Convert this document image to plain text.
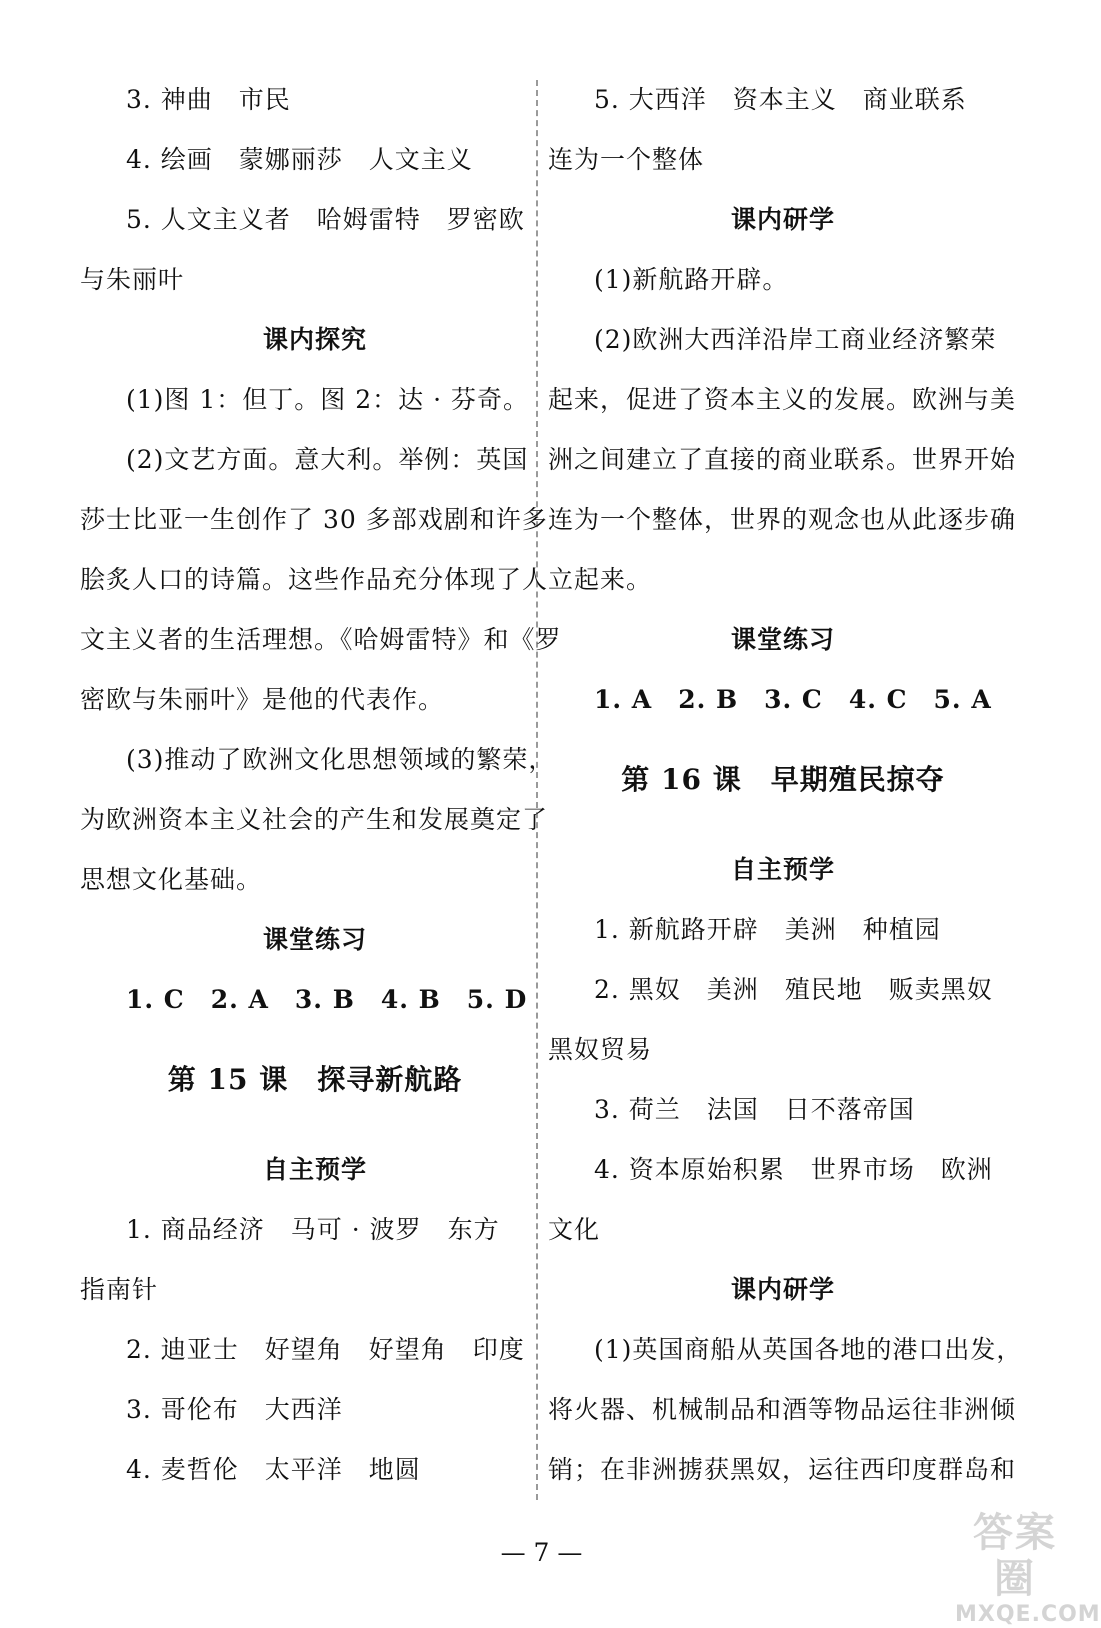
3. 神曲　市民
4. 绘画　蒙娜丽莎　人文主义
5. 人文主义者　哈姆雷特　罗密欧
与朱丽叶
课内探究
(1)图 1：但丁。图 2：达 · 芬奇。
(2)文艺方面。意大利。举例：英国
莎士比亚一生创作了 30 多部戏剧和许多
脍炙人口的诗篇。这些作品充分体现了人
文主义者的生活理想。《哈姆雷特》和《罗
密欧与朱丽叶》是他的代表作。
(3)推动了欧洲文化思想领域的繁荣，
为欧洲资本主义社会的产生和发展奠定了
思想文化基础。
课堂练习
1. C　2. A　3. B　4. B　5. D
第 15 课　探寻新航路
自主预学
1. 商品经济　马可 · 波罗　东方
指南针
2. 迪亚士　好望角　好望角　印度
3. 哥伦布　大西洋
4. 麦哲伦　太平洋　地圆
5. 大西洋　资本主义　商业联系
连为一个整体
课内研学
(1)新航路开辟。
(2)欧洲大西洋沿岸工商业经济繁荣
起来，促进了资本主义的发展。欧洲与美
洲之间建立了直接的商业联系。世界开始
连为一个整体，世界的观念也从此逐步确
立起来。
课堂练习
1. A　2. B　3. C　4. C　5. A
第 16 课　早期殖民掠夺
自主预学
1. 新航路开辟　美洲　种植园
2. 黑奴　美洲　殖民地　贩卖黑奴
黑奴贸易
3. 荷兰　法国　日不落帝国
4. 资本原始积累　世界市场　欧洲
文化
课内研学
(1)英国商船从英国各地的港口出发，
将火器、机械制品和酒等物品运往非洲倾
销；在非洲掳获黑奴，运往西印度群岛和
— 7 —	答案圈
MXQE.COM
